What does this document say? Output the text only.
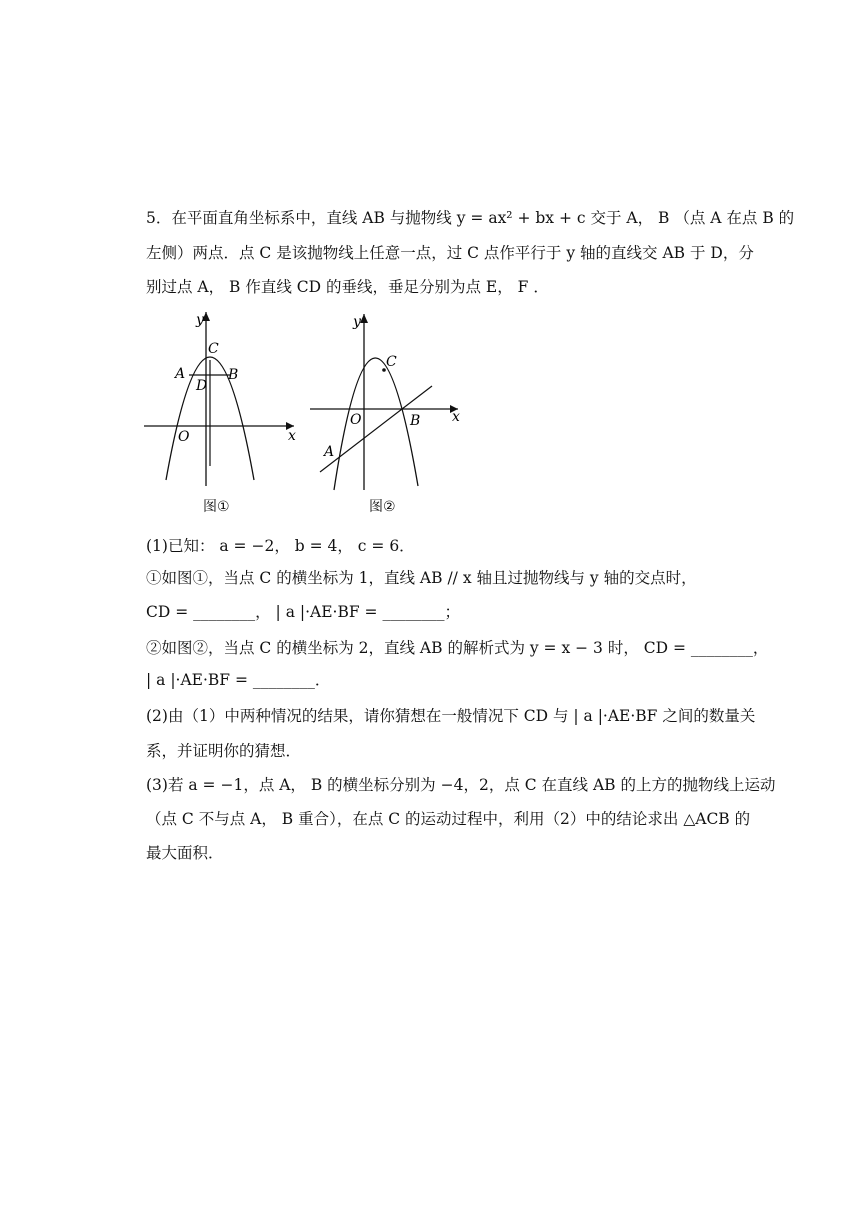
5．在平面直角坐标系中，直线 AB 与抛物线 y = ax² + bx + c 交于 A， B （点 A 在点 B 的
左侧）两点．点 C 是该抛物线上任意一点，过 C 点作平行于 y 轴的直线交 AB 于 D，分
别过点 A， B 作直线 CD 的垂线，垂足分别为点 E， F ．
y
x
O
A	B
C
D
图①
y
x
O
A
B
C
图②
(1)已知： a = −2， b = 4， c = 6．
①如图①，当点 C 的横坐标为 1，直线 AB // x 轴且过抛物线与 y 轴的交点时，
CD = ________， | a |·AE·BF = ________；
②如图②，当点 C 的横坐标为 2，直线 AB 的解析式为 y = x − 3 时， CD = ________，
| a |·AE·BF = ________．
(2)由（1）中两种情况的结果，请你猜想在一般情况下 CD 与 | a |·AE·BF 之间的数量关
系，并证明你的猜想．
(3)若 a = −1，点 A， B 的横坐标分别为 −4，2，点 C 在直线 AB 的上方的抛物线上运动
（点 C 不与点 A， B 重合），在点 C 的运动过程中，利用（2）中的结论求出 △ACB 的
最大面积．
